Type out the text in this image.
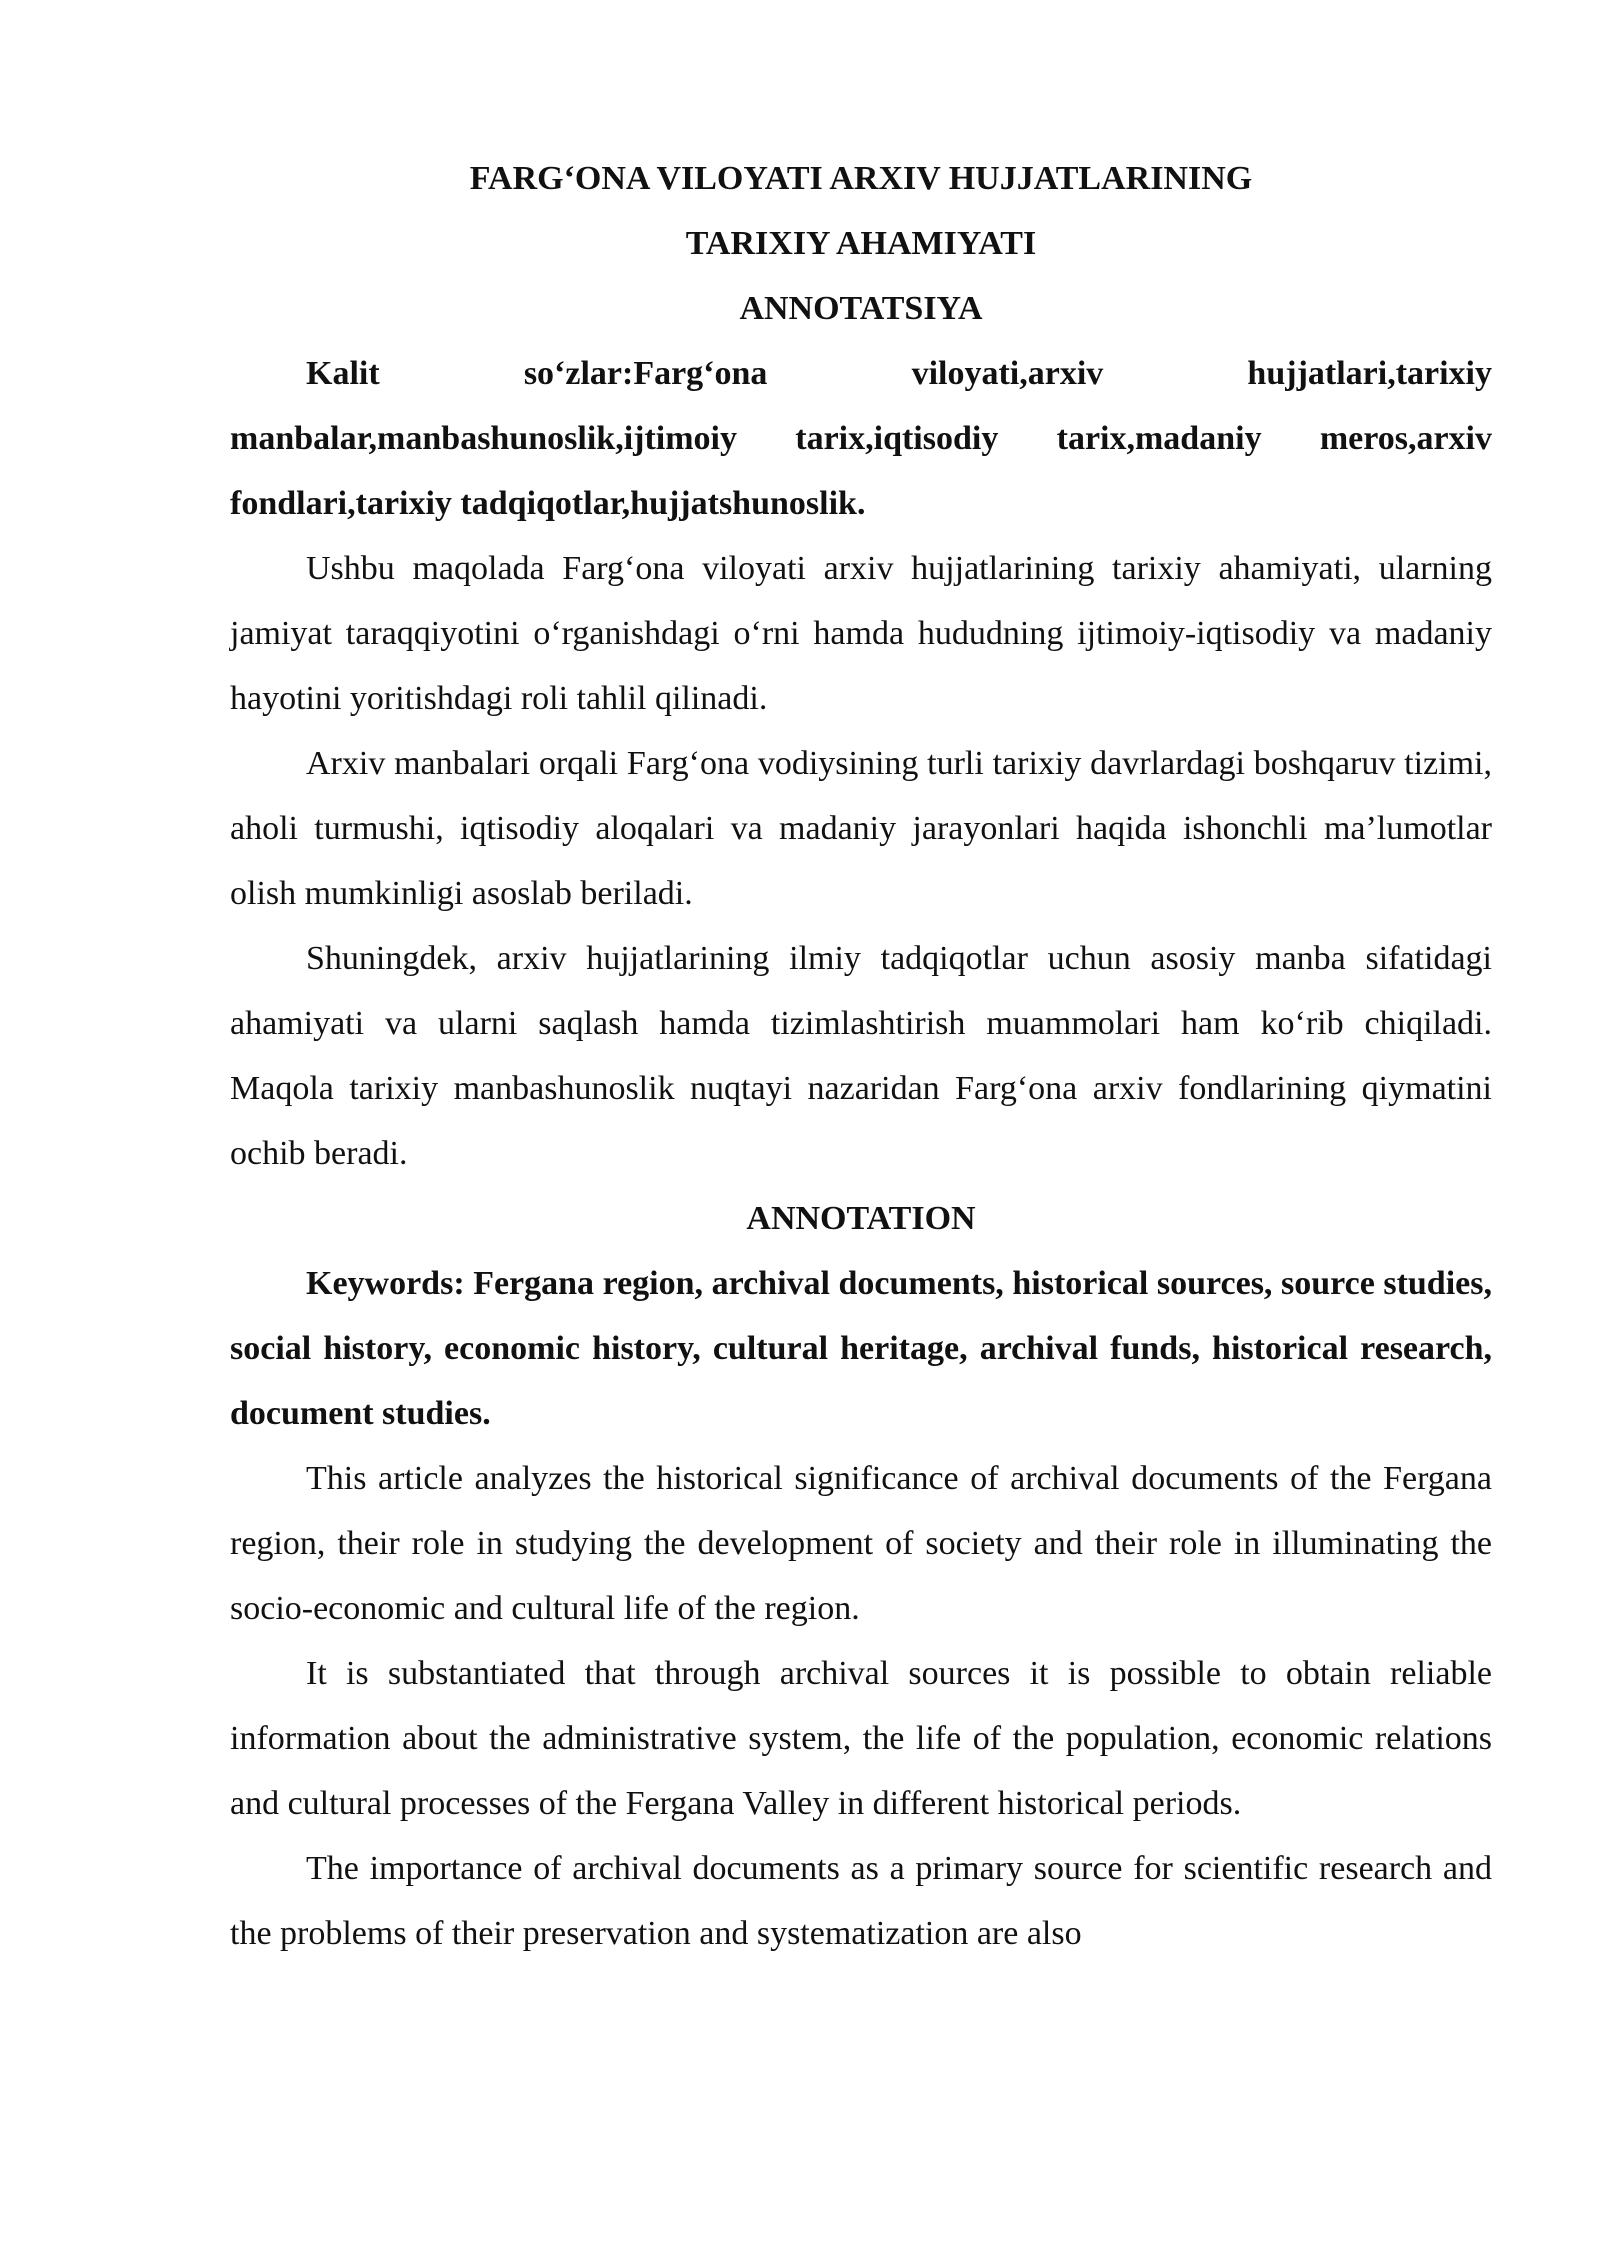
FARG‘ONA VILOYATI ARXIV HUJJATLARINING

TARIXIY AHAMIYATI

ANNOTATSIYA

Kalit so‘zlar:Farg‘ona viloyati,arxiv hujjatlari,tarixiy manbalar,manbashunoslik,ijtimoiy tarix,iqtisodiy tarix,madaniy meros,arxiv fondlari,tarixiy tadqiqotlar,hujjatshunoslik.

Ushbu maqolada Farg‘ona viloyati arxiv hujjatlarining tarixiy ahamiyati, ularning jamiyat taraqqiyotini o‘rganishdagi o‘rni hamda hududning ijtimoiy-iqtisodiy va madaniy hayotini yoritishdagi roli tahlil qilinadi.

Arxiv manbalari orqali Farg‘ona vodiysining turli tarixiy davrlardagi boshqaruv tizimi, aholi turmushi, iqtisodiy aloqalari va madaniy jarayonlari haqida ishonchli ma’lumotlar olish mumkinligi asoslab beriladi.

Shuningdek, arxiv hujjatlarining ilmiy tadqiqotlar uchun asosiy manba sifatidagi ahamiyati va ularni saqlash hamda tizimlashtirish muammolari ham ko‘rib chiqiladi. Maqola tarixiy manbashunoslik nuqtayi nazaridan Farg‘ona arxiv fondlarining qiymatini ochib beradi.

ANNOTATION

Keywords: Fergana region, archival documents, historical sources, source studies, social history, economic history, cultural heritage, archival funds, historical research, document studies.

This article analyzes the historical significance of archival documents of the Fergana region, their role in studying the development of society and their role in illuminating the socio-economic and cultural life of the region.

It is substantiated that through archival sources it is possible to obtain reliable information about the administrative system, the life of the population, economic relations and cultural processes of the Fergana Valley in different historical periods.

The importance of archival documents as a primary source for scientific research and the problems of their preservation and systematization are also
